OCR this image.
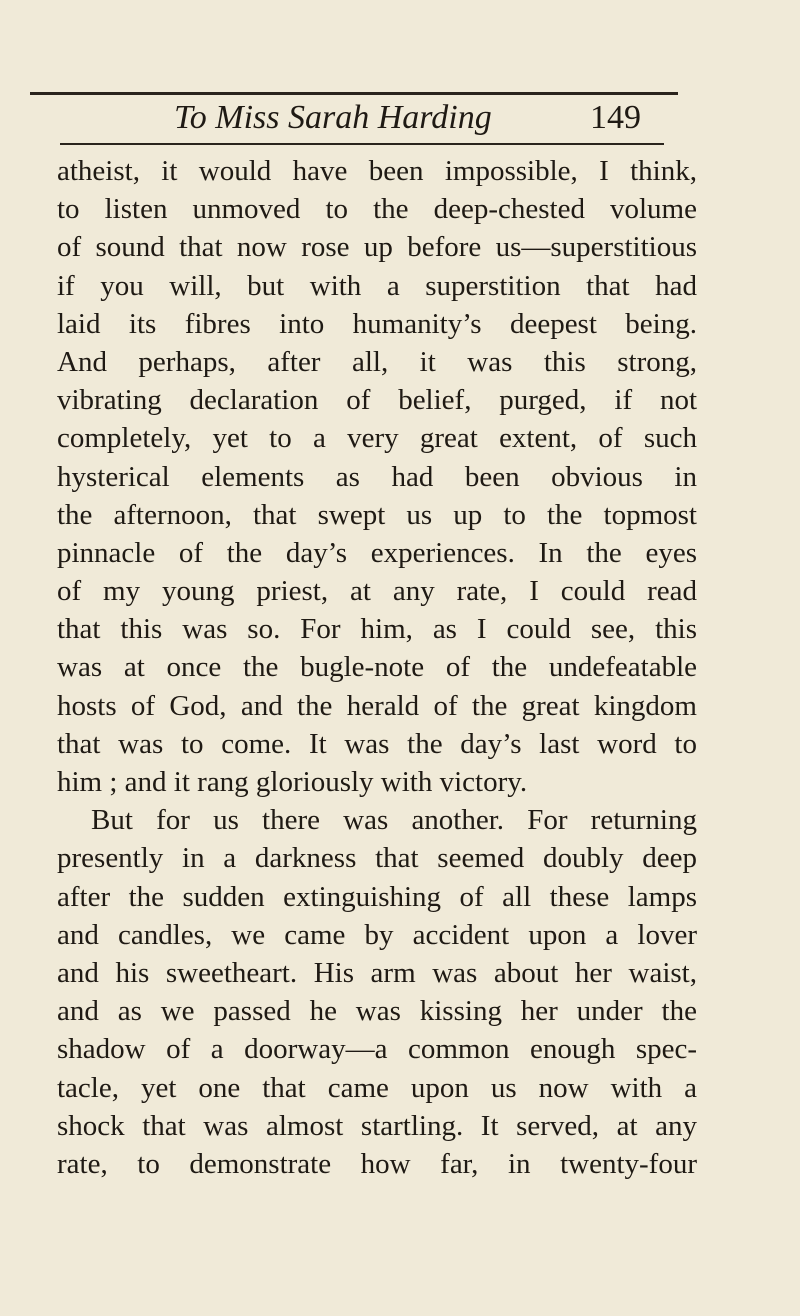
To Miss Sarah Harding	149
atheist, it would have been impossible, I think,
to listen unmoved to the deep-chested volume
of sound that now rose up before us—superstitious
if you will, but with a superstition that had
laid its fibres into humanity’s deepest being.
And perhaps, after all, it was this strong,
vibrating declaration of belief, purged, if not
completely, yet to a very great extent, of such
hysterical elements as had been obvious in
the afternoon, that swept us up to the topmost
pinnacle of the day’s experiences. In the eyes
of my young priest, at any rate, I could read
that this was so. For him, as I could see, this
was at once the bugle-note of the undefeatable
hosts of God, and the herald of the great kingdom
that was to come. It was the day’s last word to
him ; and it rang gloriously with victory.
But for us there was another. For returning
presently in a darkness that seemed doubly deep
after the sudden extinguishing of all these lamps
and candles, we came by accident upon a lover
and his sweetheart. His arm was about her waist,
and as we passed he was kissing her under the
shadow of a doorway—a common enough spec-
tacle, yet one that came upon us now with a
shock that was almost startling. It served, at any
rate, to demonstrate how far, in twenty-four
